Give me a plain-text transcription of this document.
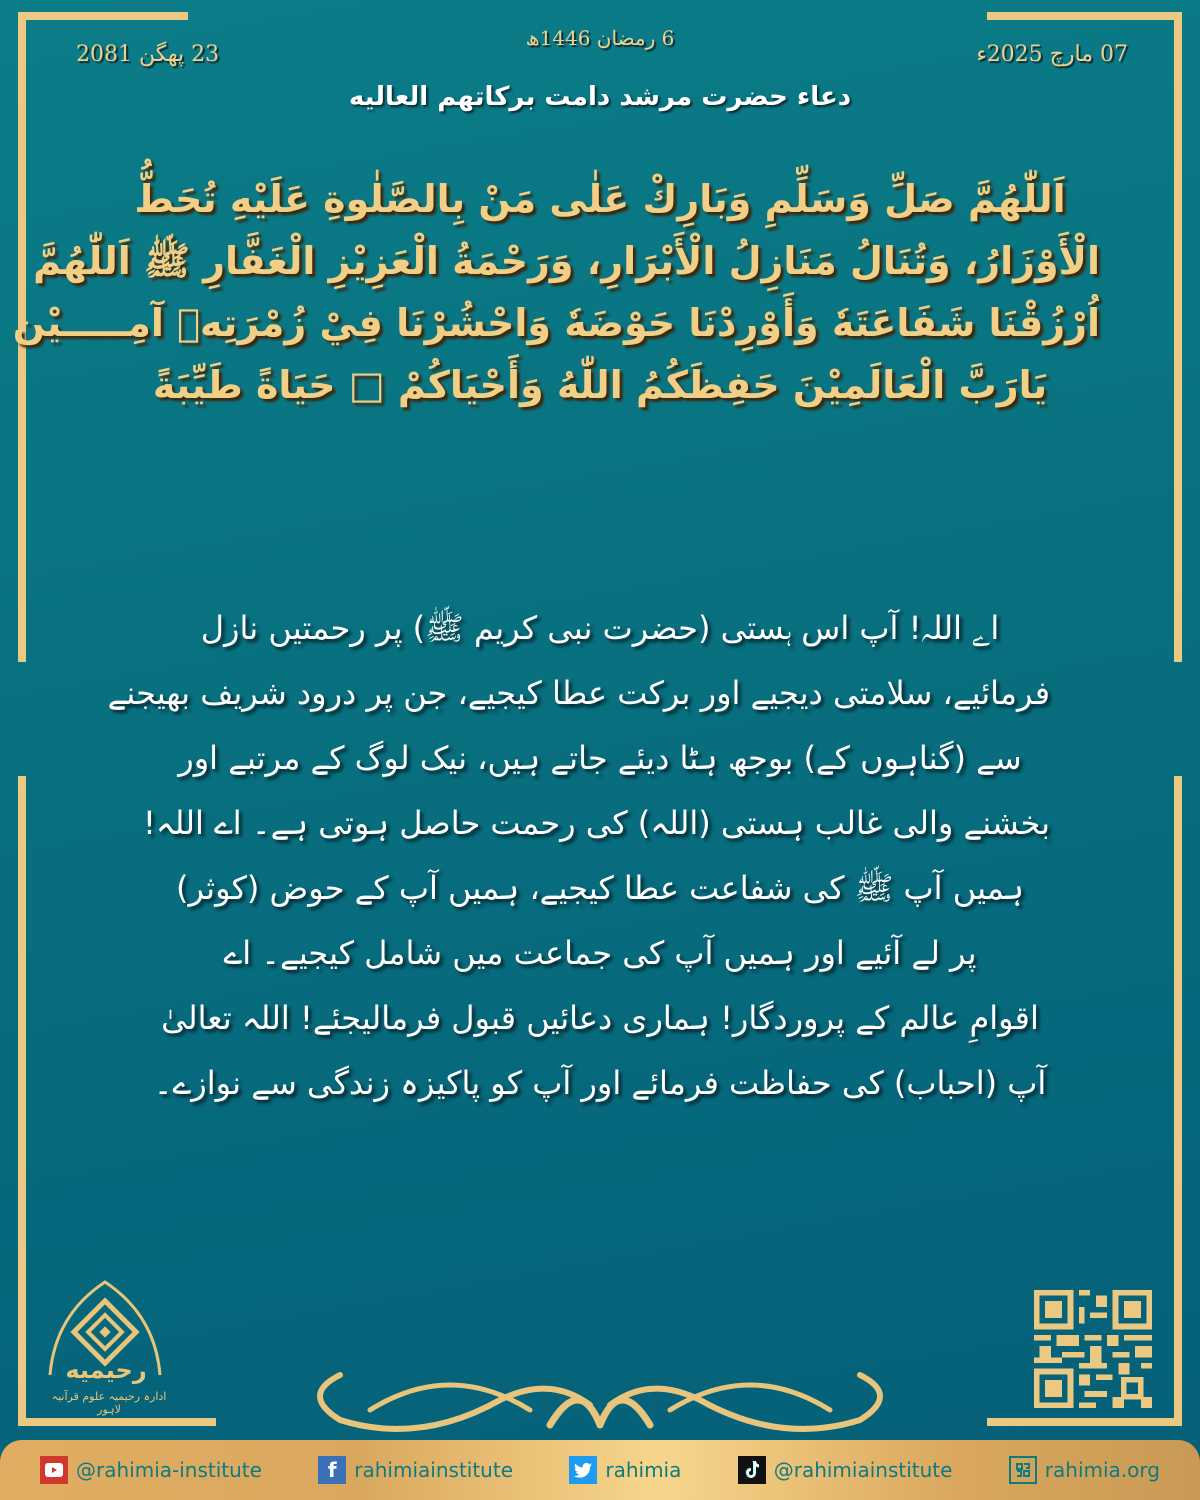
23 پھگن 2081	07 مارچ 2025ء
6 رمضان 1446ھ
دعاء حضرت مرشد دامت برکاتهم العالیه
اَللّٰهُمَّ صَلِّ وَسَلِّمِ وَبَارِكْ عَلٰى مَنْ بِالصَّلٰوةِ عَلَيْهِ تُحَطُّ
الْأَوْزَارُ، وَتُنَالُ مَنَازِلُ الْأَبْرَارِ، وَرَحْمَةُ الْعَزِيْزِ الْغَفَّارِ ﷺ اَللّٰهُمَّ
اُرْزُقْنَا شَفَاعَتَهٗ وَأَوْرِدْنَا حَوْضَهٗ وَاحْشُرْنَا فِيْ زُمْرَتِهٖ آمِـــــيْن
يَارَبَّ الْعَالَمِيْنَ حَفِظَكُمُ اللّٰهُ وَأَحْيَاكُمْ □ حَيَاةً طَيِّبَةً
اے اللہ! آپ اس ہستی (حضرت نبی کریم ﷺ) پر رحمتیں نازل
فرمائیے، سلامتی دیجیے اور برکت عطا کیجیے، جن پر درود شریف بھیجنے
سے (گناہوں کے) بوجھ ہٹا دیئے جاتے ہیں، نیک لوگ کے مرتبے اور
بخشنے والی غالب ہستی (اللہ) کی رحمت حاصل ہوتی ہے۔ اے اللہ!
ہمیں آپ ﷺ کی شفاعت عطا کیجیے، ہمیں آپ کے حوض (کوثر)
پر لے آئیے اور ہمیں آپ کی جماعت میں شامل کیجیے۔ اے
اقوامِ عالم کے پروردگار! ہماری دعائیں قبول فرمالیجئے! اللہ تعالیٰ
آپ (احباب) کی حفاظت فرمائے اور آپ کو پاکیزہ زندگی سے نوازے۔
رحیمیه
ادارہ رحیمیہ علوم قرآنیہ لاہور
@rahimia-institute	f rahimiainstitute	rahimia	@rahimiainstitute	rahimia.org
